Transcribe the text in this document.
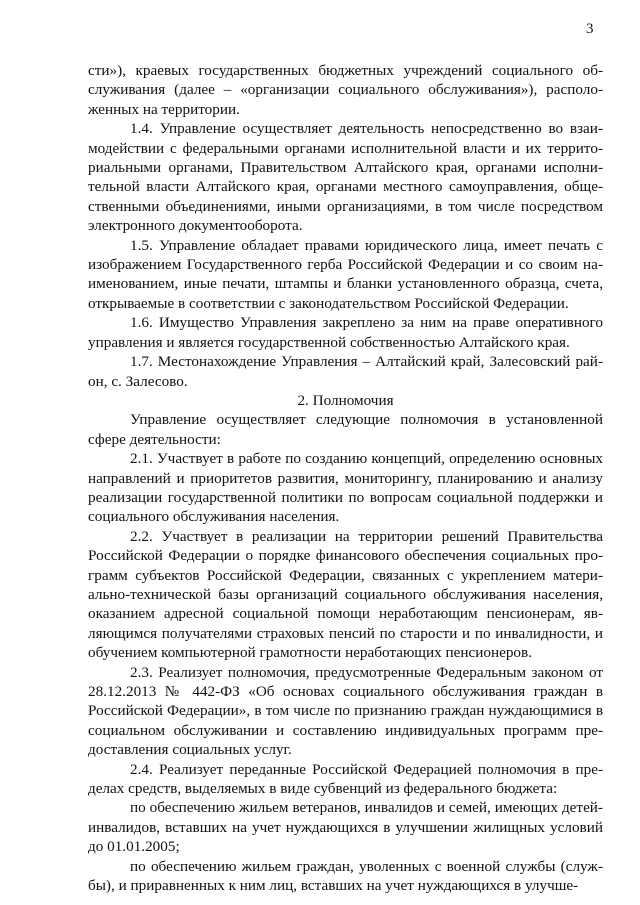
3

сти»), краевых государственных бюджетных учреждений социального обслуживания (далее – «организации социального обслуживания»), расположенных на территории.

1.4. Управление осуществляет деятельность непосредственно во взаимодействии с федеральными органами исполнительной власти и их территориальными органами, Правительством Алтайского края, органами исполнительной власти Алтайского края, органами местного самоуправления, общественными объединениями, иными организациями, в том числе посредством электронного документооборота.

1.5. Управление обладает правами юридического лица, имеет печать с изображением Государственного герба Российской Федерации и со своим наименованием, иные печати, штампы и бланки установленного образца, счета, открываемые в соответствии с законодательством Российской Федерации.

1.6. Имущество Управления закреплено за ним на праве оперативного управления и является государственной собственностью Алтайского края.

1.7. Местонахождение Управления – Алтайский край, Залесовский район, с. Залесово.

2. Полномочия

Управление осуществляет следующие полномочия в установленной сфере деятельности:

2.1. Участвует в работе по созданию концепций, определению основных направлений и приоритетов развития, мониторингу, планированию и анализу реализации государственной политики по вопросам социальной поддержки и социального обслуживания населения.

2.2. Участвует в реализации на территории решений Правительства Российской Федерации о порядке финансового обеспечения социальных программ субъектов Российской Федерации, связанных с укреплением материально-технической базы организаций социального обслуживания населения, оказанием адресной социальной помощи неработающим пенсионерам, являющимся получателями страховых пенсий по старости и по инвалидности, и обучением компьютерной грамотности неработающих пенсионеров.

2.3. Реализует полномочия, предусмотренные Федеральным законом от 28.12.2013 № 442-ФЗ «Об основах социального обслуживания граждан в Российской Федерации», в том числе по признанию граждан нуждающимися в социальном обслуживании и составлению индивидуальных программ предоставления социальных услуг.

2.4. Реализует переданные Российской Федерацией полномочия в пределах средств, выделяемых в виде субвенций из федерального бюджета:

по обеспечению жильем ветеранов, инвалидов и семей, имеющих детей-инвалидов, вставших на учет нуждающихся в улучшении жилищных условий до 01.01.2005;

по обеспечению жильем граждан, уволенных с военной службы (службы), и приравненных к ним лиц, вставших на учет нуждающихся в улучше-
